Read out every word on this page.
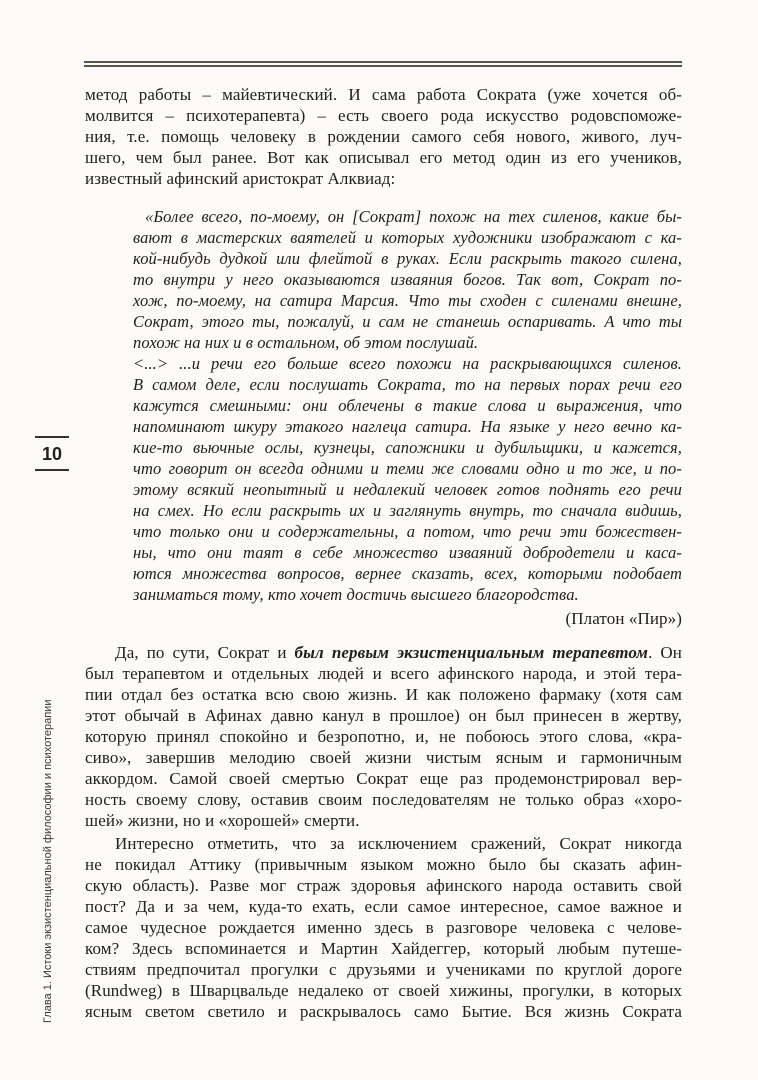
10
Глава 1. Истоки экзистенциальной философии и психотерапии
метод работы – майевтический. И сама работа Сократа (уже хочется об-
молвится – психотерапевта) – есть своего рода искусство родовспоможе-
ния, т.е. помощь человеку в рождении самого себя нового, живого, луч-
шего, чем был ранее. Вот как описывал его метод один из его учеников,
известный афинский аристократ Алквиад:
«Более всего, по-моему, он [Сократ] похож на тех силенов, какие бы-
вают в мастерских ваятелей и которых художники изображают с ка-
кой-нибудь дудкой или флейтой в руках. Если раскрыть такого силена,
то внутри у него оказываются изваяния богов. Так вот, Сократ по-
хож, по-моему, на сатира Марсия. Что ты сходен с силенами внешне,
Сократ, этого ты, пожалуй, и сам не станешь оспаривать. А что ты
похож на них и в остальном, об этом послушай.
<...> ...и речи его больше всего похожи на раскрывающихся силенов.
В самом деле, если послушать Сократа, то на первых порах речи его
кажутся смешными: они облечены в такие слова и выражения, что
напоминают шкуру этакого наглеца сатира. На языке у него вечно ка-
кие-то вьючные ослы, кузнецы, сапожники и дубильщики, и кажется,
что говорит он всегда одними и теми же словами одно и то же, и по-
этому всякий неопытный и недалекий человек готов поднять его речи
на смех. Но если раскрыть их и заглянуть внутрь, то сначала видишь,
что только они и содержательны, а потом, что речи эти божествен-
ны, что они таят в себе множество изваяний добродетели и каса-
ются множества вопросов, вернее сказать, всех, которыми подобает
заниматься тому, кто хочет достичь высшего благородства.
(Платон «Пир»)
Да, по сути, Сократ и был первым экзистенциальным терапевтом. Он
был терапевтом и отдельных людей и всего афинского народа, и этой тера-
пии отдал без остатка всю свою жизнь. И как положено фармаку (хотя сам
этот обычай в Афинах давно канул в прошлое) он был принесен в жертву,
которую принял спокойно и безропотно, и, не побоюсь этого слова, «кра-
сиво», завершив мелодию своей жизни чистым ясным и гармоничным
аккордом. Самой своей смертью Сократ еще раз продемонстрировал вер-
ность своему слову, оставив своим последователям не только образ «хоро-
шей» жизни, но и «хорошей» смерти.
Интересно отметить, что за исключением сражений, Сократ никогда
не покидал Аттику (привычным языком можно было бы сказать афин-
скую область). Разве мог страж здоровья афинского народа оставить свой
пост? Да и за чем, куда-то ехать, если самое интересное, самое важное и
самое чудесное рождается именно здесь в разговоре человека с челове-
ком? Здесь вспоминается и Мартин Хайдеггер, который любым путеше-
ствиям предпочитал прогулки с друзьями и учениками по круглой дороге
(Rundweg) в Шварцвальде недалеко от своей хижины, прогулки, в которых
ясным светом светило и раскрывалось само Бытие. Вся жизнь Сократа
